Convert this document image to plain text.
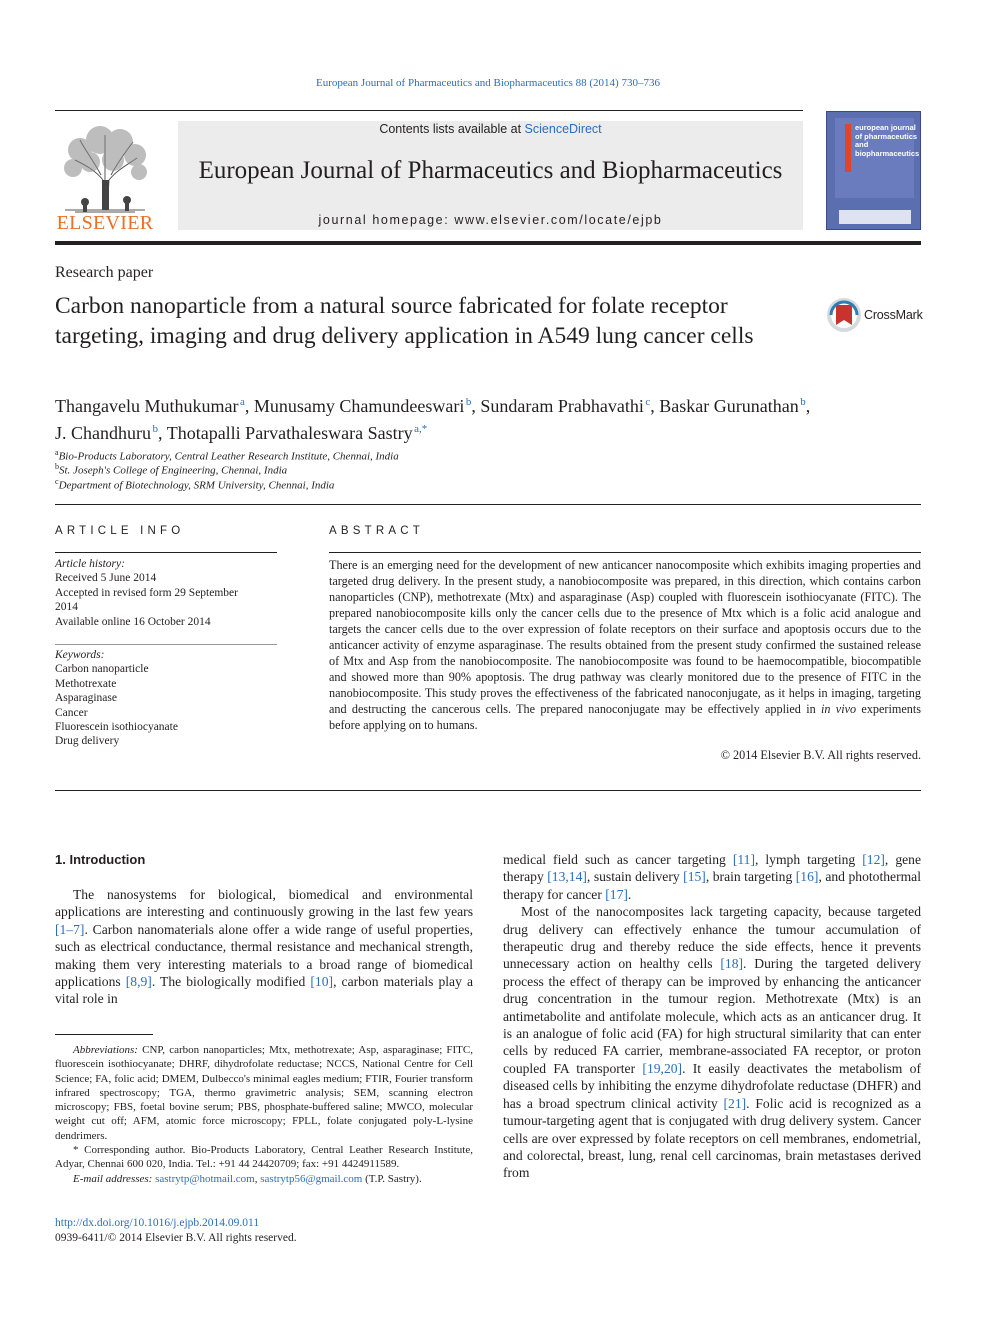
European Journal of Pharmaceutics and Biopharmaceutics 88 (2014) 730–736
ELSEVIER
Contents lists available at ScienceDirect
European Journal of Pharmaceutics and Biopharmaceutics
journal homepage: www.elsevier.com/locate/ejpb
european journal of pharmaceutics and biopharmaceutics
Research paper
Carbon nanoparticle from a natural source fabricated for folate receptor targeting, imaging and drug delivery application in A549 lung cancer cells
CrossMark
Thangavelu Muthukumar  $^a$, Munusamy Chamundeeswari  $^b$, Sundaram Prabhavathi  $^c$, Baskar Gurunathan  $^b$,
J. Chandhuru  $^b$, Thotapalli Parvathaleswara Sastry  $^{a,*}$
$^a$Bio-Products Laboratory, Central Leather Research Institute, Chennai, India
$^b$St. Joseph's College of Engineering, Chennai, India
$^c$Department of Biotechnology, SRM University, Chennai, India
ARTICLE INFO
Article history:
Received 5 June 2014
Accepted in revised form 29 September
2014
Available online 16 October 2014
Keywords:
Carbon nanoparticle
Methotrexate
Asparaginase
Cancer
Fluorescein isothiocyanate
Drug delivery
ABSTRACT

There is an emerging need for the development of new anticancer nanocomposite which exhibits imaging properties and targeted drug delivery. In the present study, a nanobiocomposite was prepared, in this direction, which contains carbon nanoparticles (CNP), methotrexate (Mtx) and asparaginase (Asp) coupled with fluorescein isothiocyanate (FITC). The prepared nanobiocomposite kills only the cancer cells due to the presence of Mtx which is a folic acid analogue and targets the cancer cells due to the over expression of folate receptors on their surface and apoptosis occurs due to the anticancer activity of enzyme asparaginase. The results obtained from the present study confirmed the sustained release of Mtx and Asp from the nanobiocomposite. The nanobiocomposite was found to be haemocompatible, biocompatible and showed more than 90% apoptosis. The drug pathway was clearly monitored due to the presence of FITC in the nanobiocomposite. This study proves the effectiveness of the fabricated nanoconjugate, as it helps in imaging, targeting and destructing the cancerous cells. The prepared nanoconjugate may be effectively applied in in vivo experiments before applying on to humans.

© 2014 Elsevier B.V. All rights reserved.
1. Introduction

The nanosystems for biological, biomedical and environmental applications are interesting and continuously growing in the last few years [1–7]. Carbon nanomaterials alone offer a wide range of useful properties, such as electrical conductance, thermal resistance and mechanical strength, making them very interesting materials to a broad range of biomedical applications [8,9]. The biologically modified [10], carbon materials play a vital role in

Abbreviations: CNP, carbon nanoparticles; Mtx, methotrexate; Asp, asparaginase; FITC, fluorescein isothiocyanate; DHRF, dihydrofolate reductase; NCCS, National Centre for Cell Science; FA, folic acid; DMEM, Dulbecco's minimal eagles medium; FTIR, Fourier transform infrared spectroscopy; TGA, thermo gravimetric analysis; SEM, scanning electron microscopy; FBS, foetal bovine serum; PBS, phosphate-buffered saline; MWCO, molecular weight cut off; AFM, atomic force microscopy; FPLL, folate conjugated poly-L-lysine dendrimers.

* Corresponding author. Bio-Products Laboratory, Central Leather Research Institute, Adyar, Chennai 600 020, India. Tel.: +91 44 24420709; fax: +91 4424911589.

E-mail addresses: sastrytp@hotmail.com, sastrytp56@gmail.com (T.P. Sastry).

http://dx.doi.org/10.1016/j.ejpb.2014.09.011
0939-6411/© 2014 Elsevier B.V. All rights reserved.

medical field such as cancer targeting [11], lymph targeting [12], gene therapy [13,14], sustain delivery [15], brain targeting [16], and photothermal therapy for cancer [17].

Most of the nanocomposites lack targeting capacity, because targeted drug delivery can effectively enhance the tumour accumulation of therapeutic drug and thereby reduce the side effects, hence it prevents unnecessary action on healthy cells [18]. During the targeted delivery process the effect of therapy can be improved by enhancing the anticancer drug concentration in the tumour region. Methotrexate (Mtx) is an antimetabolite and antifolate molecule, which acts as an anticancer drug. It is an analogue of folic acid (FA) for high structural similarity that can enter cells by reduced FA carrier, membrane-associated FA receptor, or proton coupled FA transporter [19,20]. It easily deactivates the metabolism of diseased cells by inhibiting the enzyme dihydrofolate reductase (DHFR) and has a broad spectrum clinical activity [21]. Folic acid is recognized as a tumour-targeting agent that is conjugated with drug delivery system. Cancer cells are over expressed by folate receptors on cell membranes, endometrial, and colorectal, breast, lung, renal cell carcinomas, brain metastases derived from
